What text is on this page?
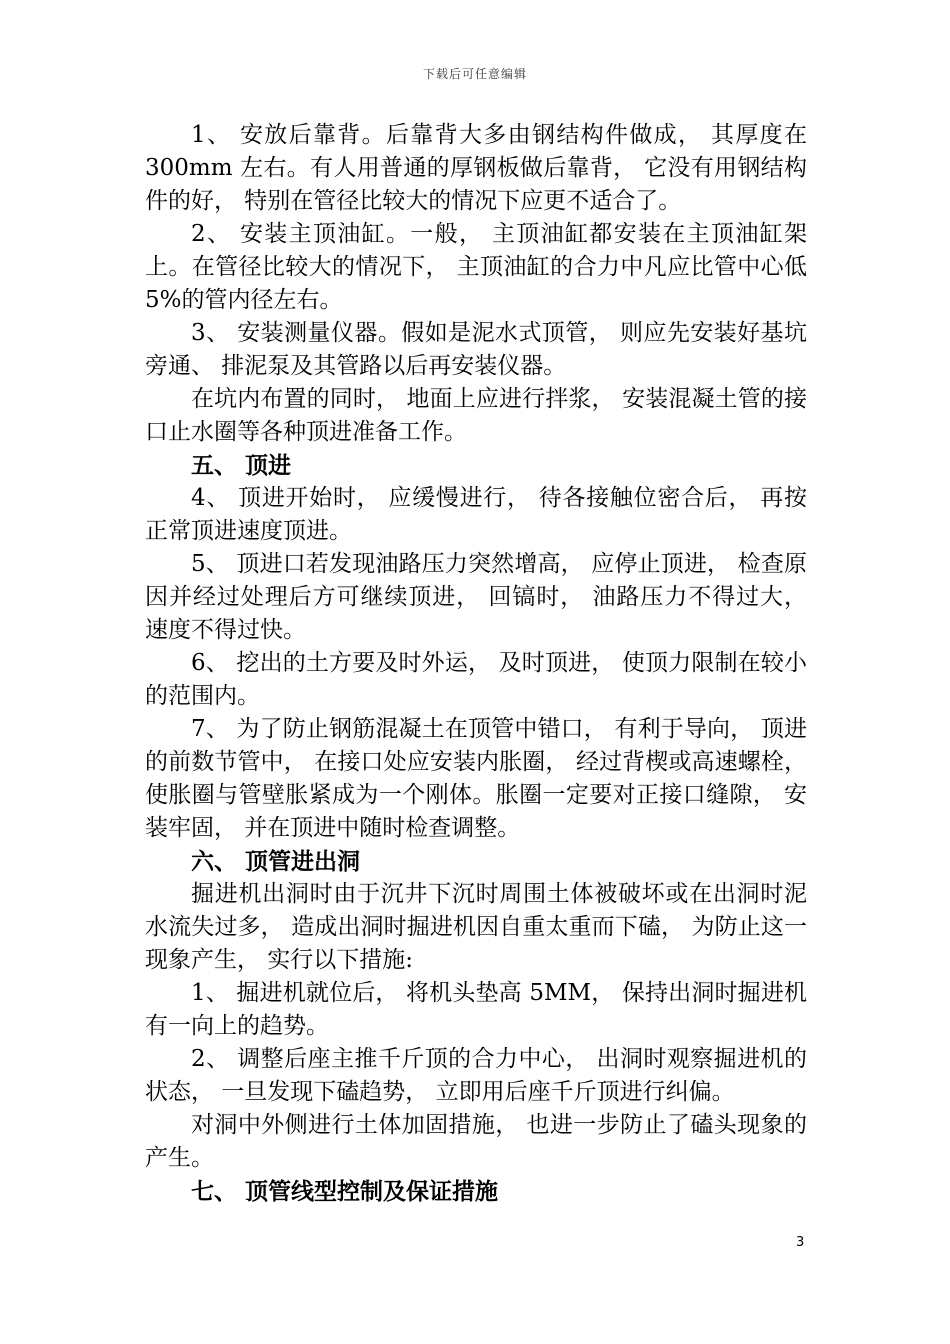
下载后可任意编辑

1、 安放后靠背。后靠背大多由钢结构件做成， 其厚度在 300mm 左右。有人用普通的厚钢板做后靠背， 它没有用钢结构件的好， 特别在管径比较大的情况下应更不适合了。

2、 安装主顶油缸。一般， 主顶油缸都安装在主顶油缸架上。在管径比较大的情况下， 主顶油缸的合力中凡应比管中心低 5%的管内径左右。

3、 安装测量仪器。假如是泥水式顶管， 则应先安装好基坑旁通、 排泥泵及其管路以后再安装仪器。

在坑内布置的同时， 地面上应进行拌浆， 安装混凝土管的接口止水圈等各种顶进准备工作。

五、 顶进

4、 顶进开始时， 应缓慢进行， 待各接触位密合后， 再按正常顶进速度顶进。

5、 顶进口若发现油路压力突然增高， 应停止顶进， 检查原因并经过处理后方可继续顶进， 回镐时， 油路压力不得过大， 速度不得过快。

6、 挖出的土方要及时外运， 及时顶进， 使顶力限制在较小的范围内。

7、 为了防止钢筋混凝土在顶管中错口， 有利于导向， 顶进的前数节管中， 在接口处应安装内胀圈， 经过背楔或高速螺栓， 使胀圈与管壁胀紧成为一个刚体。胀圈一定要对正接口缝隙， 安装牢固， 并在顶进中随时检查调整。

六、 顶管进出洞

掘进机出洞时由于沉井下沉时周围土体被破坏或在出洞时泥水流失过多， 造成出洞时掘进机因自重太重而下磕， 为防止这一现象产生， 实行以下措施:

1、 掘进机就位后， 将机头垫高 5MM， 保持出洞时掘进机有一向上的趋势。

2、 调整后座主推千斤顶的合力中心， 出洞时观察掘进机的状态， 一旦发现下磕趋势， 立即用后座千斤顶进行纠偏。

对洞中外侧进行土体加固措施， 也进一步防止了磕头现象的产生。

七、 顶管线型控制及保证措施

3
